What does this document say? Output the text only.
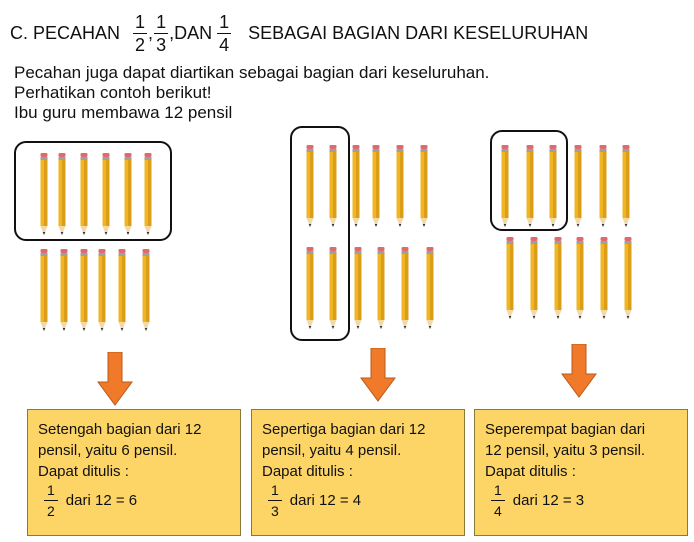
C. PECAHAN $\frac{1}{2}$ , $\frac{1}{3} ,DAN \frac{1}{4}$ SEBAGAI BAGIAN DARI KESELURUHAN
Pecahan juga dapat diartikan sebagai bagian dari keseluruhan.
Perhatikan contoh berikut!
Ibu guru membawa 12 pensil
Setengah bagian dari 12
pensil, yaitu 6 pensil.
Dapat ditulis :
$\frac{1}{2}$ dari 12 = 6
Sepertiga bagian dari 12
pensil, yaitu 4 pensil.
Dapat ditulis :
$\frac{1}{3}$ dari 12 = 4
Seperempat bagian dari
12 pensil, yaitu 3 pensil.
Dapat ditulis :
$\frac{1}{4}$ dari 12 = 3
